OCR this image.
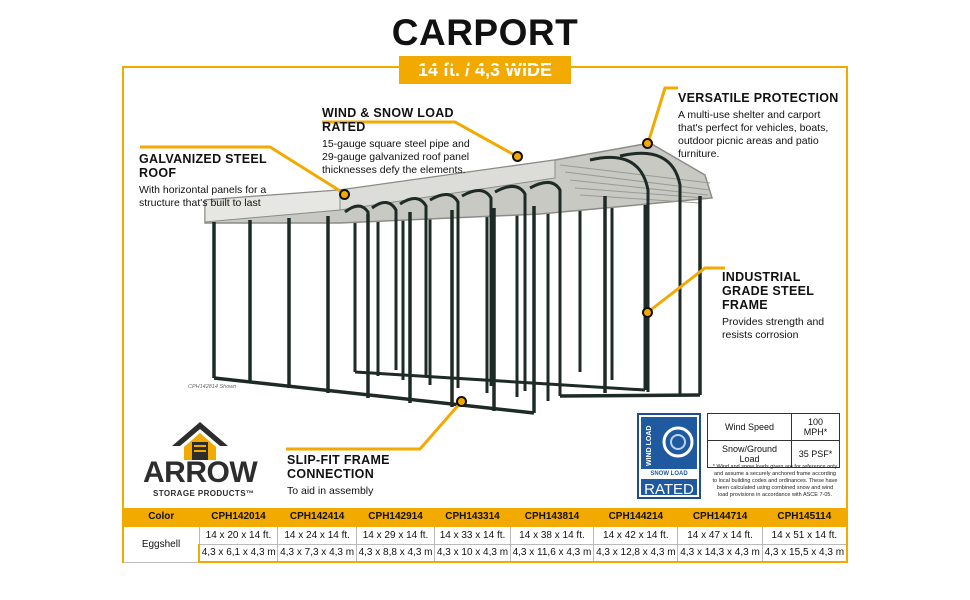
CARPORT
14 ft. / 4,3 WIDE
GALVANIZED STEEL ROOF
With horizontal panels for a structure that's built to last
WIND & SNOW LOAD RATED
15-gauge square steel pipe and 29-gauge galvanized roof panel thicknesses defy the elements.
VERSATILE PROTECTION
A multi-use shelter and carport that's perfect for vehicles, boats, outdoor picnic areas and patio furniture.
INDUSTRIAL GRADE STEEL FRAME
Provides strength and resists corrosion
SLIP-FIT FRAME CONNECTION
To aid in assembly
CPH142814 Shown
ARROW
STORAGE PRODUCTS™
WIND LOAD
SNOW LOAD
RATED
Wind Speed	100 MPH*
Snow/Ground Load	35 PSF*
* Wind and snow loads given are for reference only and assume a securely anchored frame according to local building codes and ordinances. These have been calculated using combined snow and wind load provisions in accordance with ASCE 7-05.
Color	CPH142014	CPH142414	CPH142914	CPH143314	CPH143814	CPH144214	CPH144714	CPH145114
Eggshell	14 x 20 x 14 ft.	14 x 24 x 14 ft.	14 x 29 x 14 ft.	14 x 33 x 14 ft.	14 x 38 x 14 ft.	14 x 42 x 14 ft.	14 x 47 x 14 ft.	14 x 51 x 14 ft.
	4,3 x 6,1 x 4,3 m	4,3 x 7,3 x 4,3 m	4,3 x 8,8 x 4,3 m	4,3 x 10 x 4,3 m	4,3 x 11,6 x 4,3 m	4,3 x 12,8 x 4,3 m	4,3 x 14,3 x 4,3 m	4,3 x 15,5 x 4,3 m
